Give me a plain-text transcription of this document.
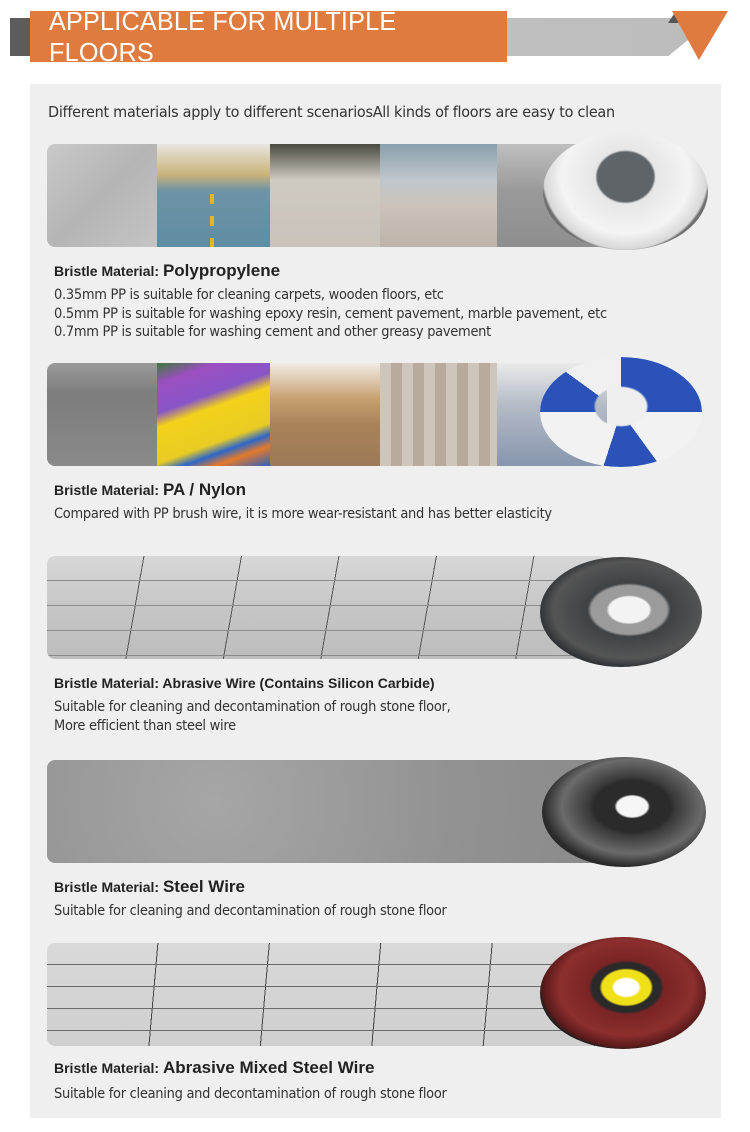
APPLICABLE FOR MULTIPLE FLOORS
Different materials apply to different scenariosAll kinds of floors are easy to clean
Bristle Material: Polypropylene
0.35mm PP is suitable for cleaning carpets, wooden floors, etc
0.5mm PP is suitable for washing epoxy resin, cement pavement, marble pavement, etc
0.7mm PP is suitable for washing cement and other greasy pavement
Bristle Material: PA / Nylon
Compared with PP brush wire, it is more wear-resistant and has better elasticity
Bristle Material: Abrasive Wire (Contains Silicon Carbide)
Suitable for cleaning and decontamination of rough stone floor,
More efficient than steel wire
Bristle Material: Steel Wire
Suitable for cleaning and decontamination of rough stone floor
Bristle Material: Abrasive Mixed Steel Wire
Suitable for cleaning and decontamination of rough stone floor
